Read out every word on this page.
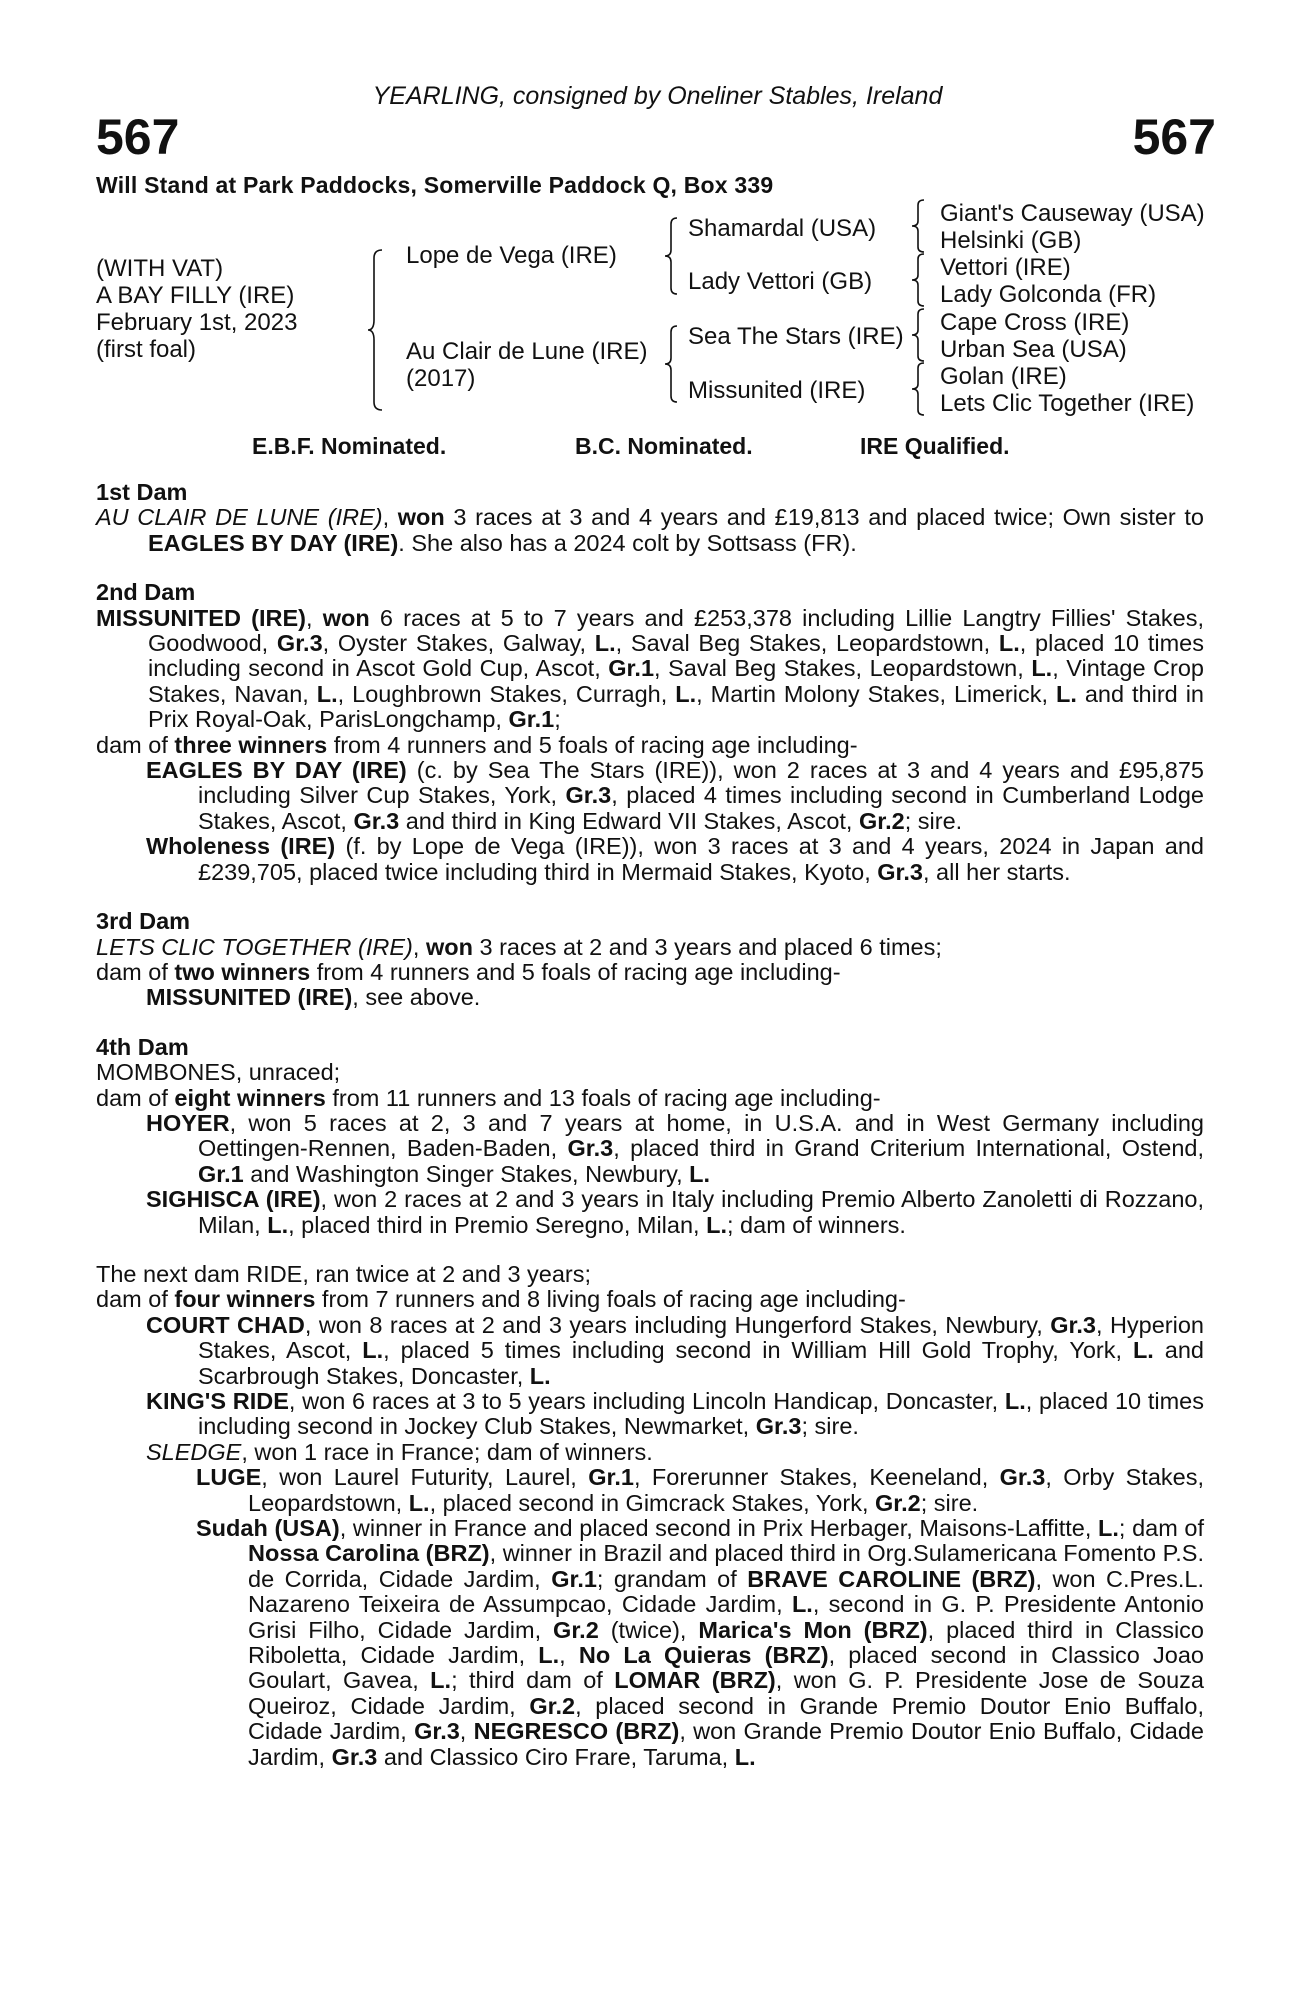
YEARLING, consigned by Oneliner Stables, Ireland
567	567
Will Stand at Park Paddocks, Somerville Paddock Q, Box 339
(WITH VAT)
A BAY FILLY (IRE)
February 1st, 2023
(first foal)
Lope de Vega (IRE)
Au Clair de Lune (IRE)
(2017)
Shamardal (USA)
Lady Vettori (GB)
Sea The Stars (IRE)
Missunited (IRE)
Giant's Causeway (USA)
Helsinki (GB)
Vettori (IRE)
Lady Golconda (FR)
Cape Cross (IRE)
Urban Sea (USA)
Golan (IRE)
Lets Clic Together (IRE)
E.B.F. Nominated.	B.C. Nominated.	IRE Qualified.

1st Dam

AU CLAIR DE LUNE (IRE), won 3 races at 3 and 4 years and £19,813 and placed twice; Own sister to EAGLES BY DAY (IRE). She also has a 2024 colt by Sottsass (FR).

2nd Dam

MISSUNITED (IRE), won 6 races at 5 to 7 years and £253,378 including Lillie Langtry Fillies' Stakes, Goodwood, Gr.3, Oyster Stakes, Galway, L., Saval Beg Stakes, Leopardstown, L., placed 10 times including second in Ascot Gold Cup, Ascot, Gr.1, Saval Beg Stakes, Leopardstown, L., Vintage Crop Stakes, Navan, L., Loughbrown Stakes, Curragh, L., Martin Molony Stakes, Limerick, L. and third in Prix Royal-Oak, ParisLongchamp, Gr.1;

dam of three winners from 4 runners and 5 foals of racing age including-

EAGLES BY DAY (IRE) (c. by Sea The Stars (IRE)), won 2 races at 3 and 4 years and £95,875 including Silver Cup Stakes, York, Gr.3, placed 4 times including second in Cumberland Lodge Stakes, Ascot, Gr.3 and third in King Edward VII Stakes, Ascot, Gr.2; sire.

Wholeness (IRE) (f. by Lope de Vega (IRE)), won 3 races at 3 and 4 years, 2024 in Japan and £239,705, placed twice including third in Mermaid Stakes, Kyoto, Gr.3, all her starts.

3rd Dam

LETS CLIC TOGETHER (IRE), won 3 races at 2 and 3 years and placed 6 times;

dam of two winners from 4 runners and 5 foals of racing age including-

MISSUNITED (IRE), see above.

4th Dam

MOMBONES, unraced;

dam of eight winners from 11 runners and 13 foals of racing age including-

HOYER, won 5 races at 2, 3 and 7 years at home, in U.S.A. and in West Germany including Oettingen-Rennen, Baden-Baden, Gr.3, placed third in Grand Criterium International, Ostend, Gr.1 and Washington Singer Stakes, Newbury, L.

SIGHISCA (IRE), won 2 races at 2 and 3 years in Italy including Premio Alberto Zanoletti di Rozzano, Milan, L., placed third in Premio Seregno, Milan, L.; dam of winners.

The next dam RIDE, ran twice at 2 and 3 years;

dam of four winners from 7 runners and 8 living foals of racing age including-

COURT CHAD, won 8 races at 2 and 3 years including Hungerford Stakes, Newbury, Gr.3, Hyperion Stakes, Ascot, L., placed 5 times including second in William Hill Gold Trophy, York, L. and Scarbrough Stakes, Doncaster, L.

KING'S RIDE, won 6 races at 3 to 5 years including Lincoln Handicap, Doncaster, L., placed 10 times including second in Jockey Club Stakes, Newmarket, Gr.3; sire.

SLEDGE, won 1 race in France; dam of winners.

LUGE, won Laurel Futurity, Laurel, Gr.1, Forerunner Stakes, Keeneland, Gr.3, Orby Stakes, Leopardstown, L., placed second in Gimcrack Stakes, York, Gr.2; sire.

Sudah (USA), winner in France and placed second in Prix Herbager, Maisons-Laffitte, L.; dam of Nossa Carolina (BRZ), winner in Brazil and placed third in Org.Sulamericana Fomento P.S. de Corrida, Cidade Jardim, Gr.1; grandam of BRAVE CAROLINE (BRZ), won C.Pres.L. Nazareno Teixeira de Assumpcao, Cidade Jardim, L., second in G. P. Presidente Antonio Grisi Filho, Cidade Jardim, Gr.2 (twice), Marica's Mon (BRZ), placed third in Classico Riboletta, Cidade Jardim, L., No La Quieras (BRZ), placed second in Classico Joao Goulart, Gavea, L.; third dam of LOMAR (BRZ), won G. P. Presidente Jose de Souza Queiroz, Cidade Jardim, Gr.2, placed second in Grande Premio Doutor Enio Buffalo, Cidade Jardim, Gr.3, NEGRESCO (BRZ), won Grande Premio Doutor Enio Buffalo, Cidade Jardim, Gr.3 and Classico Ciro Frare, Taruma, L.
